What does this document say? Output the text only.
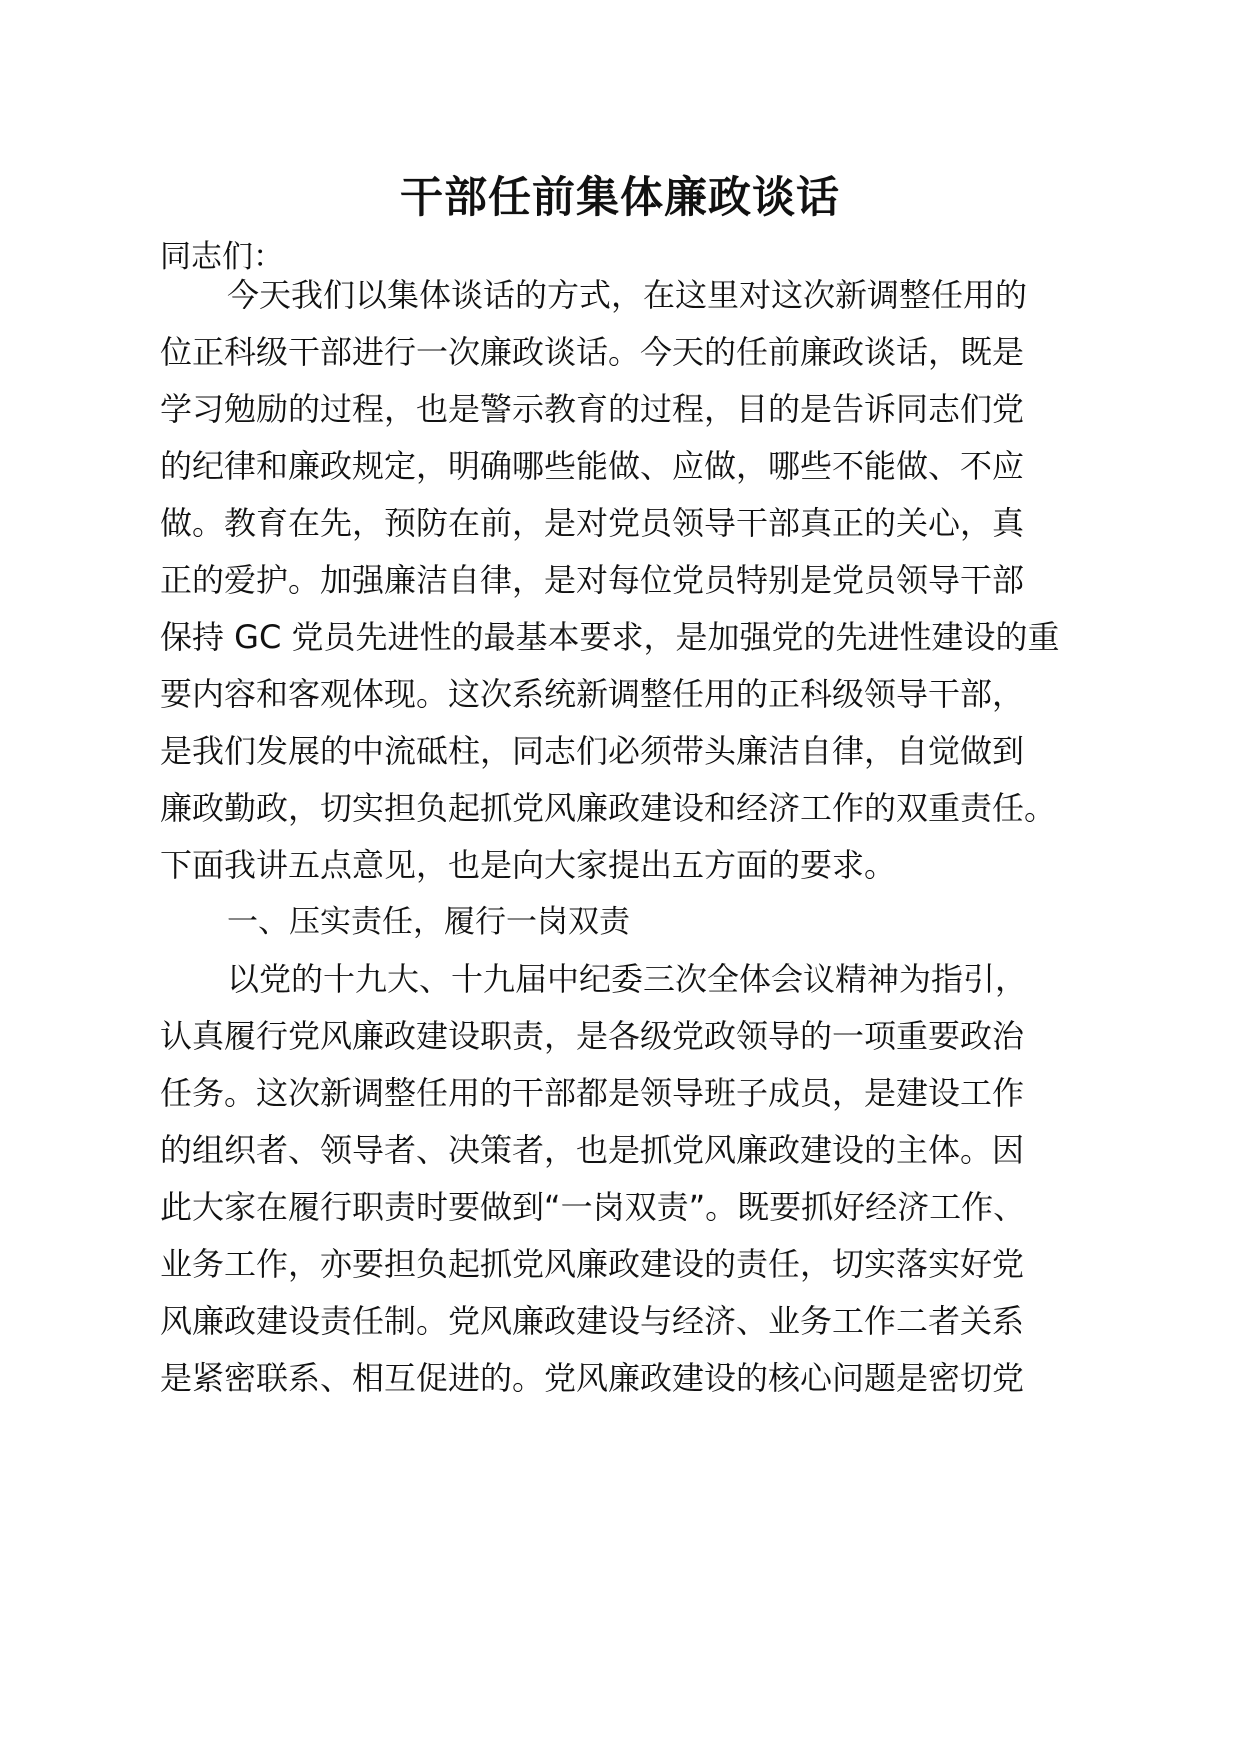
干部任前集体廉政谈话
同志们：
今天我们以集体谈话的方式，在这里对这次新调整任用的
位正科级干部进行一次廉政谈话。今天的任前廉政谈话，既是
学习勉励的过程，也是警示教育的过程，目的是告诉同志们党
的纪律和廉政规定，明确哪些能做、应做，哪些不能做、不应
做。教育在先，预防在前，是对党员领导干部真正的关心，真
正的爱护。加强廉洁自律，是对每位党员特别是党员领导干部
保持 GC 党员先进性的最基本要求，是加强党的先进性建设的重
要内容和客观体现。这次系统新调整任用的正科级领导干部，
是我们发展的中流砥柱，同志们必须带头廉洁自律，自觉做到
廉政勤政，切实担负起抓党风廉政建设和经济工作的双重责任。
下面我讲五点意见，也是向大家提出五方面的要求。
一、压实责任，履行一岗双责
以党的十九大、十九届中纪委三次全体会议精神为指引，
认真履行党风廉政建设职责，是各级党政领导的一项重要政治
任务。这次新调整任用的干部都是领导班子成员，是建设工作
的组织者、领导者、决策者，也是抓党风廉政建设的主体。因
此大家在履行职责时要做到“一岗双责”。既要抓好经济工作、
业务工作，亦要担负起抓党风廉政建设的责任，切实落实好党
风廉政建设责任制。党风廉政建设与经济、业务工作二者关系
是紧密联系、相互促进的。党风廉政建设的核心问题是密切党
